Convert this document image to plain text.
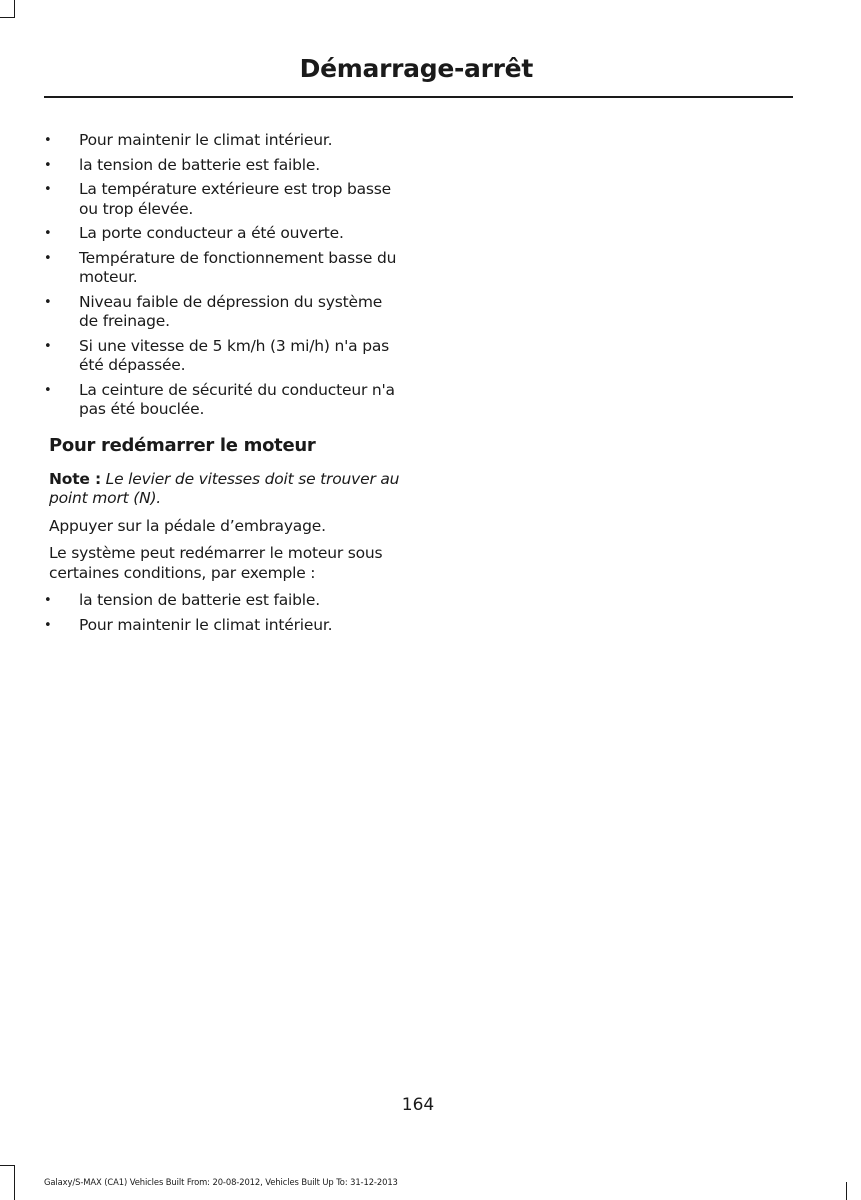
Démarrage-arrêt
• Pour maintenir le climat intérieur.
• la tension de batterie est faible.
• La température extérieure est trop basse ou trop élevée.
• La porte conducteur a été ouverte.
• Température de fonctionnement basse du moteur.
• Niveau faible de dépression du système de freinage.
• Si une vitesse de 5 km/h (3 mi/h) n'a pas été dépassée.
• La ceinture de sécurité du conducteur n'a pas été bouclée.
Pour redémarrer le moteur

Note : Le levier de vitesses doit se trouver au point mort (N).

Appuyer sur la pédale d’embrayage.

Le système peut redémarrer le moteur sous certaines conditions, par exemple :

• la tension de batterie est faible.
• Pour maintenir le climat intérieur.
164
Galaxy/S-MAX (CA1) Vehicles Built From: 20-08-2012, Vehicles Built Up To: 31-12-2013
